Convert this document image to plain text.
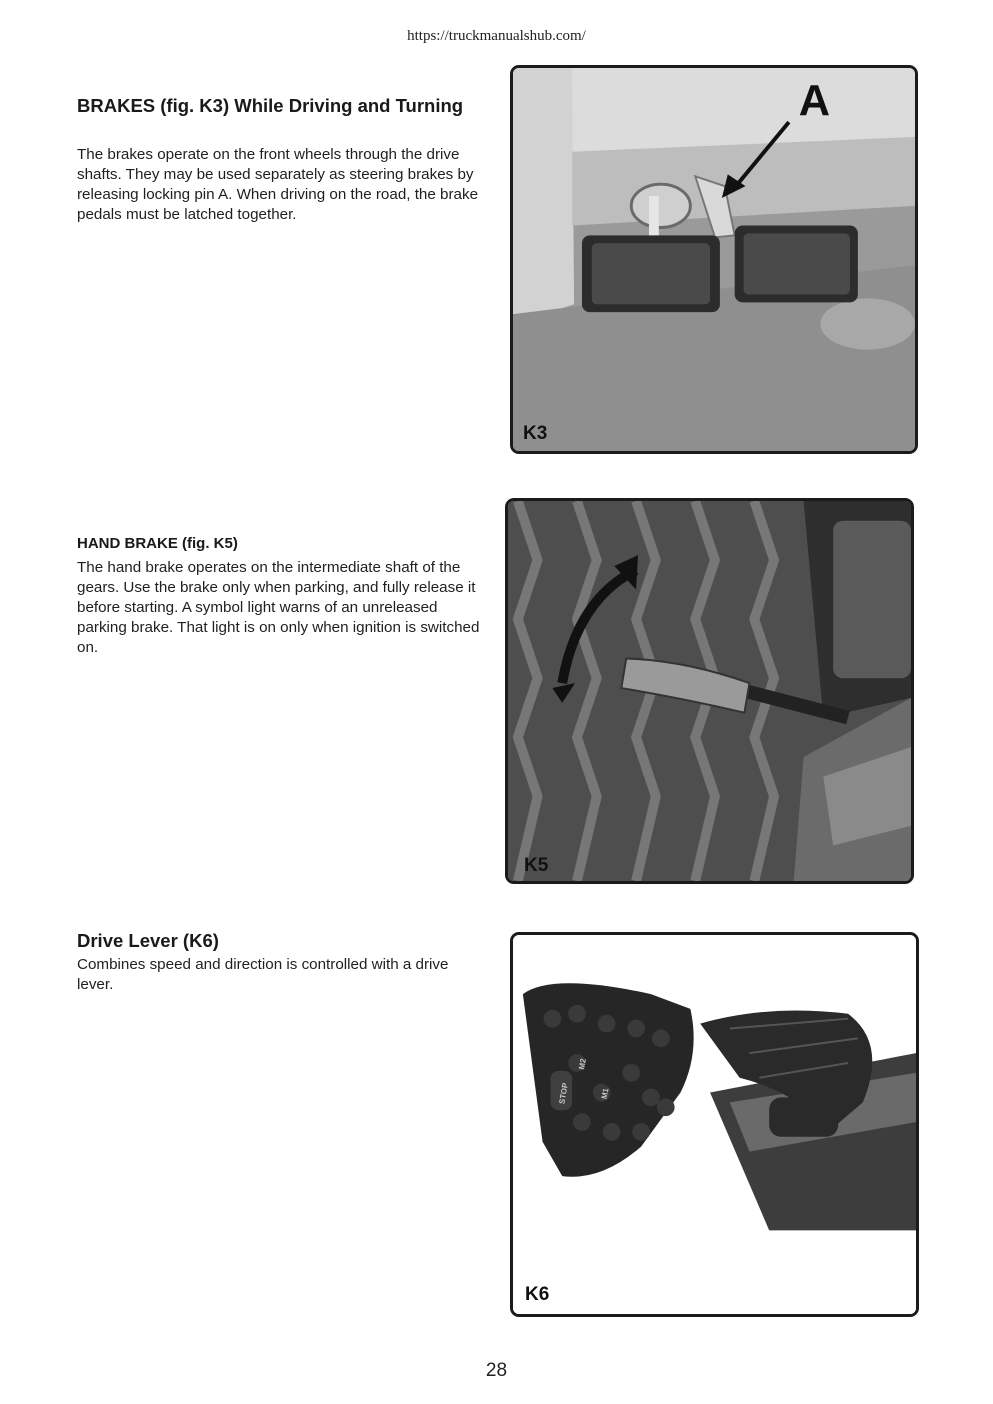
https://truckmanualshub.com/
BRAKES (fig. K3) While Driving and Turning

The brakes operate on the front wheels through the drive shafts. They may be used separately as steering brakes by releasing locking pin A. When driving on the road, the brake pedals must be latched together.

A
K3
HAND BRAKE (fig. K5)

The hand brake operates on the intermediate shaft of the gears. Use the brake only when parking, and fully release it before starting. A symbol light warns of an unreleased parking brake. That light is on only when ignition is switched on.

K5
Drive Lever (K6)

Combines speed and direction is controlled with a drive lever.

STOP
M2
M1
K6
28
